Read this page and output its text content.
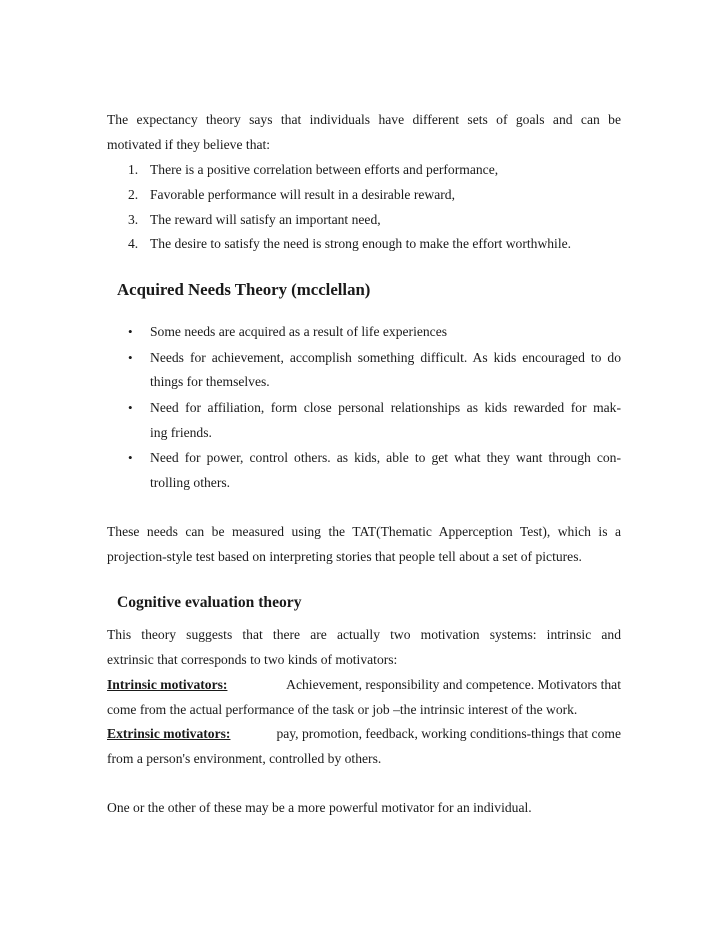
The expectancy theory says that individuals have different sets of goals and can be
motivated if they believe that:
1. There is a positive correlation between efforts and performance,
2. Favorable performance will result in a desirable reward,
3. The reward will satisfy an important need,
4. The desire to satisfy the need is strong enough to make the effort worthwhile.
Acquired Needs Theory (mcclellan)
• Some needs are acquired as a result of life experiences
• Needs for achievement, accomplish something difficult. As kids encouraged to do
things for themselves.
• Need for affiliation, form close personal relationships as kids rewarded for mak-
ing friends.
• Need for power, control others. as kids, able to get what they want through con-
trolling others.
These needs can be measured using the TAT(Thematic Apperception Test), which is a
projection-style test based on interpreting stories that people tell about a set of pictures.
Cognitive evaluation theory
This theory suggests that there are actually two motivation systems: intrinsic and
extrinsic that corresponds to two kinds of motivators:
Intrinsic motivators:	Achievement, responsibility and competence. Motivators that
come from the actual performance of the task or job –the intrinsic interest of the work.
Extrinsic motivators:	pay, promotion, feedback, working conditions-things that come
from a person's environment, controlled by others.
One or the other of these may be a more powerful motivator for an individual.
